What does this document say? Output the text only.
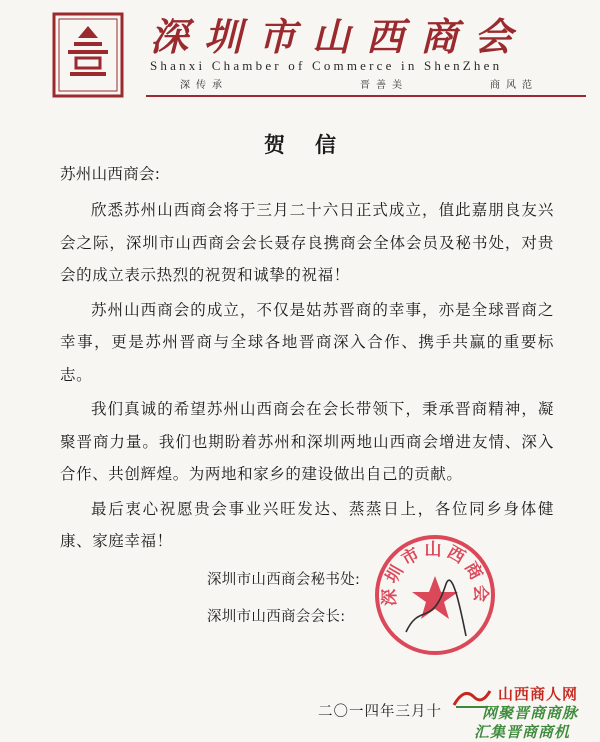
深圳市山西商会
Shanxi Chamber of Commerce in ShenZhen
深传承	晋善美	商风范
贺信
苏州山西商会:

欣悉苏州山西商会将于三月二十六日正式成立，值此嘉朋良友兴会之际，深圳市山西商会会长聂存良携商会全体会员及秘书处，对贵会的成立表示热烈的祝贺和诚挚的祝福！

苏州山西商会的成立，不仅是姑苏晋商的幸事，亦是全球晋商之幸事，更是苏州晋商与全球各地晋商深入合作、携手共赢的重要标志。

我们真诚的希望苏州山西商会在会长带领下，秉承晋商精神，凝聚晋商力量。我们也期盼着苏州和深圳两地山西商会增进友情、深入合作、共创辉煌。为两地和家乡的建设做出自己的贡献。

最后衷心祝愿贵会事业兴旺发达、蒸蒸日上，各位同乡身体健康、家庭幸福！

深圳市山西商会
深圳市山西商会秘书处:
深圳市山西商会会长:
二〇一四年三月十
山西商人网
网聚晋商商脉
汇集晋商商机
